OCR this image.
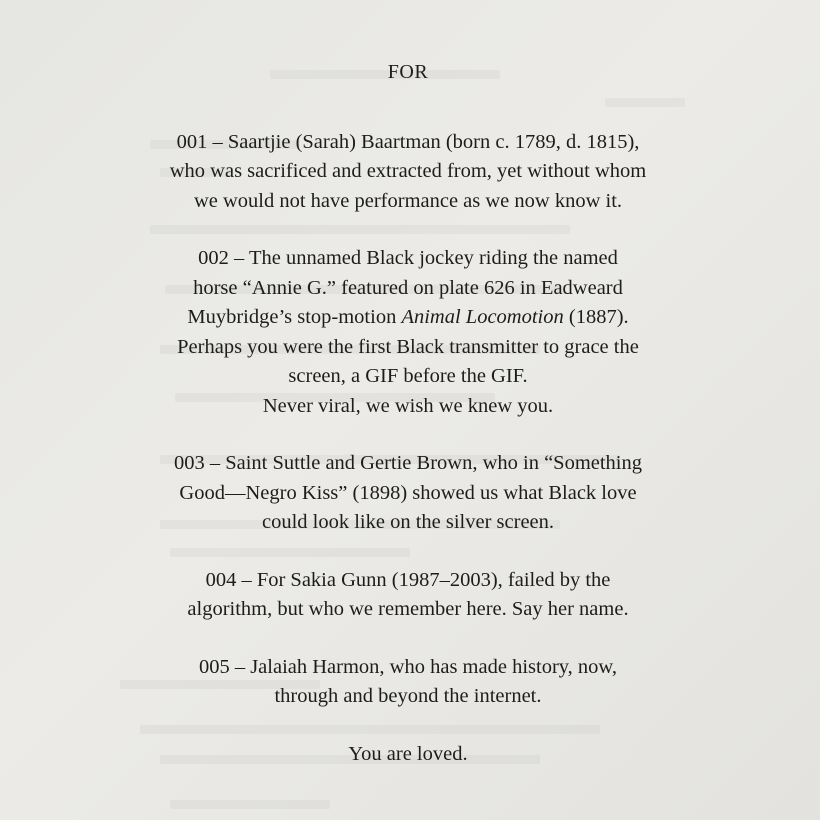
FOR
001 – Saartjie (Sarah) Baartman (born c. 1789, d. 1815),
who was sacrificed and extracted from, yet without whom
we would not have performance as we now know it.
002 – The unnamed Black jockey riding the named
horse “Annie G.” featured on plate 626 in Eadweard
Muybridge’s stop-motion Animal Locomotion (1887).
Perhaps you were the first Black transmitter to grace the
screen, a GIF before the GIF.
Never viral, we wish we knew you.
003 – Saint Suttle and Gertie Brown, who in “Something
Good—Negro Kiss” (1898) showed us what Black love
could look like on the silver screen.
004 – For Sakia Gunn (1987–2003), failed by the
algorithm, but who we remember here. Say her name.
005 – Jalaiah Harmon, who has made history, now,
through and beyond the internet.
You are loved.
